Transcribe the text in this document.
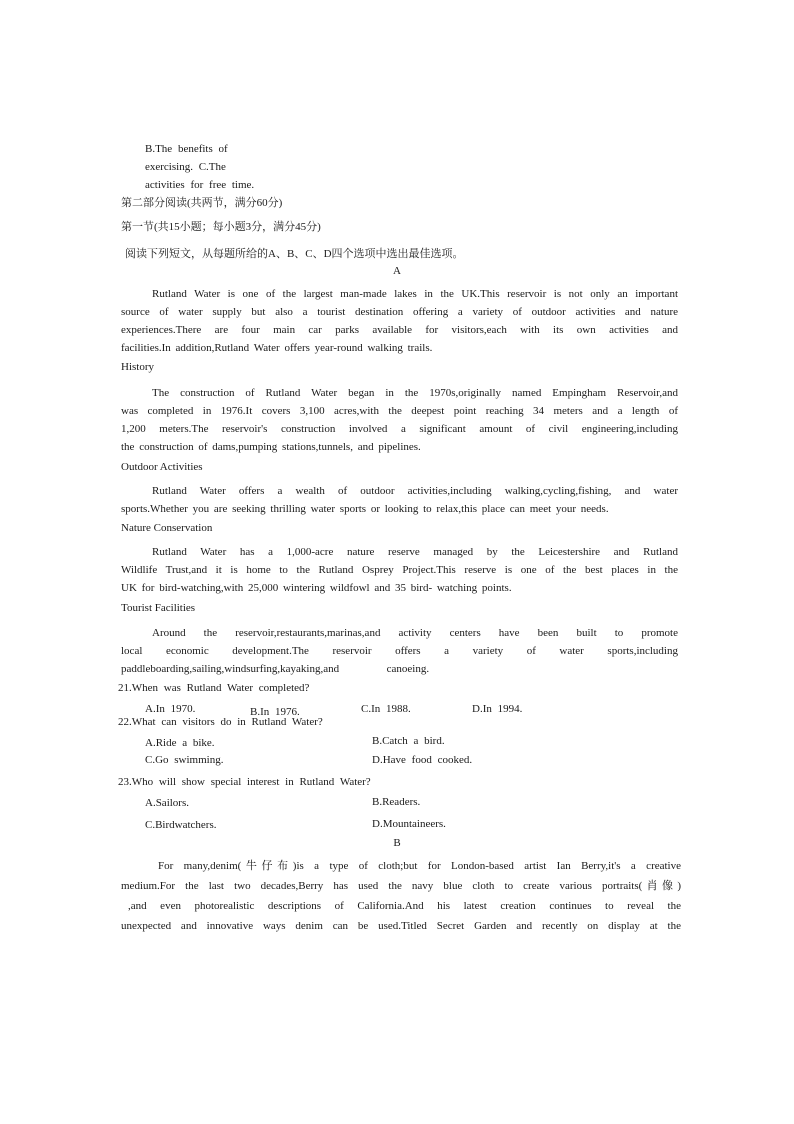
B.The benefits of
exercising. C.The
activities for free time.
第二部分阅读(共两节，满分60分)
第一节(共15小题；每小题3分，满分45分)
阅读下列短文，从每题所给的A、B、C、D四个选项中选出最佳选项。
A
Rutland Water is one of the largest man-made lakes in the UK.This reservoir is not only an important
source of water supply but also a tourist destination offering a variety of outdoor activities and nature
experiences.There are four main car parks available for visitors,each with its own activities and
facilities.In addition,Rutland Water offers year-round walking trails.
History
The construction of Rutland Water began in the 1970s,originally named Empingham Reservoir,and
was completed in 1976.It covers 3,100 acres,with the deepest point reaching 34 meters and a length of
1,200 meters.The reservoir's construction involved a significant amount of civil engineering,including
the construction of dams,pumping stations,tunnels, and pipelines.
Outdoor Activities
Rutland Water offers a wealth of outdoor activities,including walking,cycling,fishing, and water
sports.Whether you are seeking thrilling water sports or looking to relax,this place can meet your needs.
Nature Conservation
Rutland Water has a 1,000-acre nature reserve managed by the Leicestershire and Rutland
Wildlife Trust,and it is home to the Rutland Osprey Project.This reserve is one of the best places in the
UK for bird-watching,with 25,000 wintering wildfowl and 35 bird- watching points.
Tourist Facilities
Around the reservoir,restaurants,marinas,and activity centers have been built to promote
local economic development.The reservoir offers a variety of water sports,including
paddleboarding,sailing,windsurfing,kayaking,and          canoeing.
21.When was Rutland Water completed?
A.In 1970.	B.In 1976.	C.In 1988.	D.In 1994.
22.What can visitors do in Rutland Water?
A.Ride a bike.	B.Catch a bird.
C.Go swimming.	D.Have food cooked.
23.Who will show special interest in Rutland Water?
A.Sailors.	B.Readers.
C.Birdwatchers.	D.Mountaineers.
B
For many,denim(牛仔布)is a type of cloth;but for London-based artist Ian Berry,it's a creative
medium.For the last two decades,Berry has used the navy blue cloth to create various portraits(肖像)
,and even photorealistic descriptions of California.And his latest creation continues to reveal the
unexpected and innovative ways denim can be used.Titled Secret Garden and recently on display at the
